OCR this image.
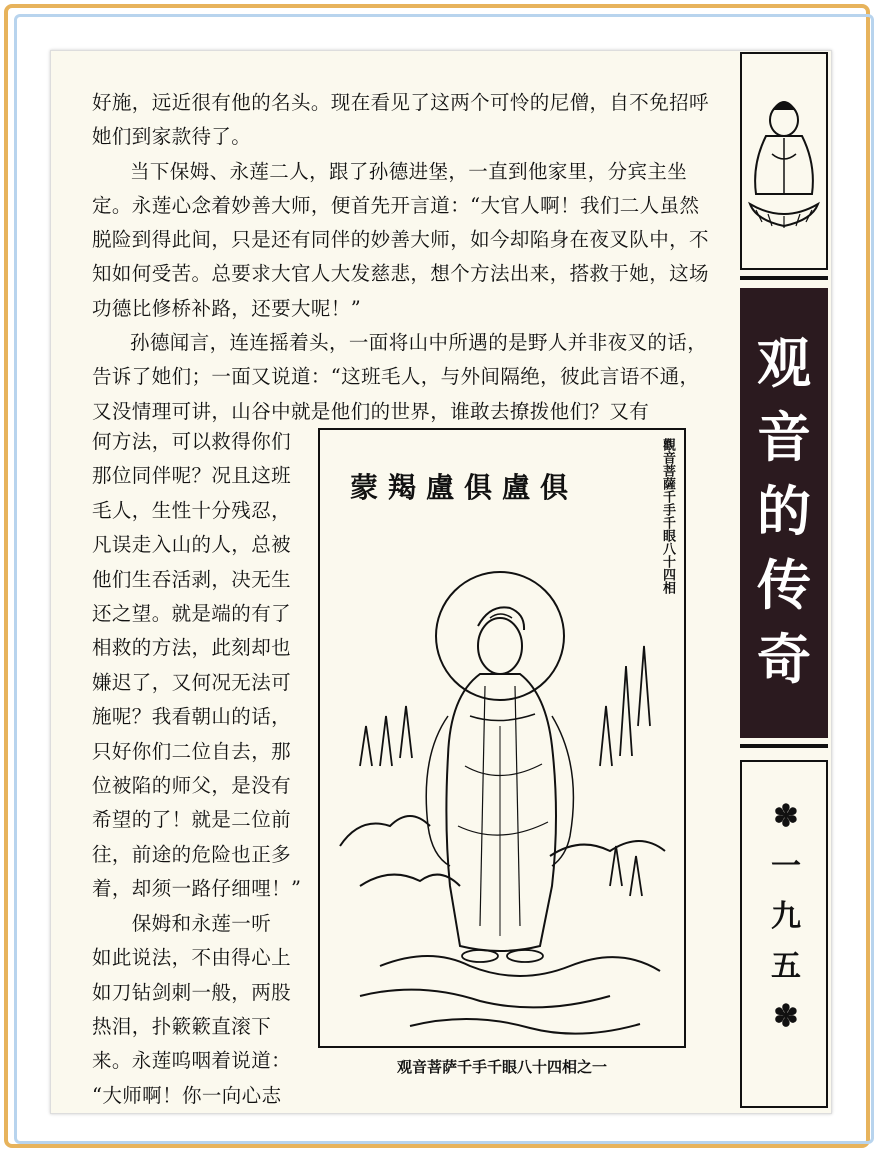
好施，远近很有他的名头。现在看见了这两个可怜的尼僧，自不免招呼她们到家款待了。

当下保姆、永莲二人，跟了孙德进堡，一直到他家里，分宾主坐定。永莲心念着妙善大师，便首先开言道：“大官人啊！我们二人虽然脱险到得此间，只是还有同伴的妙善大师，如今却陷身在夜叉队中，不知如何受苦。总要求大官人大发慈悲，想个方法出来，搭救于她，这场功德比修桥补路，还要大呢！”

孙德闻言，连连摇着头，一面将山中所遇的是野人并非夜叉的话，告诉了她们；一面又说道：“这班毛人，与外间隔绝，彼此言语不通，又没情理可讲，山谷中就是他们的世界，谁敢去撩拨他们？又有

何方法，可以救得你们
那位同伴呢？况且这班
毛人，生性十分残忍，
凡误走入山的人，总被
他们生吞活剥，决无生
还之望。就是端的有了
相救的方法，此刻却也
嫌迟了，又何况无法可
施呢？我看朝山的话，
只好你们二位自去，那
位被陷的师父，是没有
希望的了！就是二位前
往，前途的危险也正多
着，却须一路仔细哩！”
　　保姆和永莲一听
如此说法，不由得心上
如刀钻剑刺一般，两股
热泪，扑簌簌直滚下
来。永莲呜咽着说道：
“大师啊！你一向心志
蒙羯盧俱盧俱	觀音菩薩千手千眼八十四相
观音菩萨千手千眼八十四相之一
观
音
的
传
奇
✽
一
九
五
✽
